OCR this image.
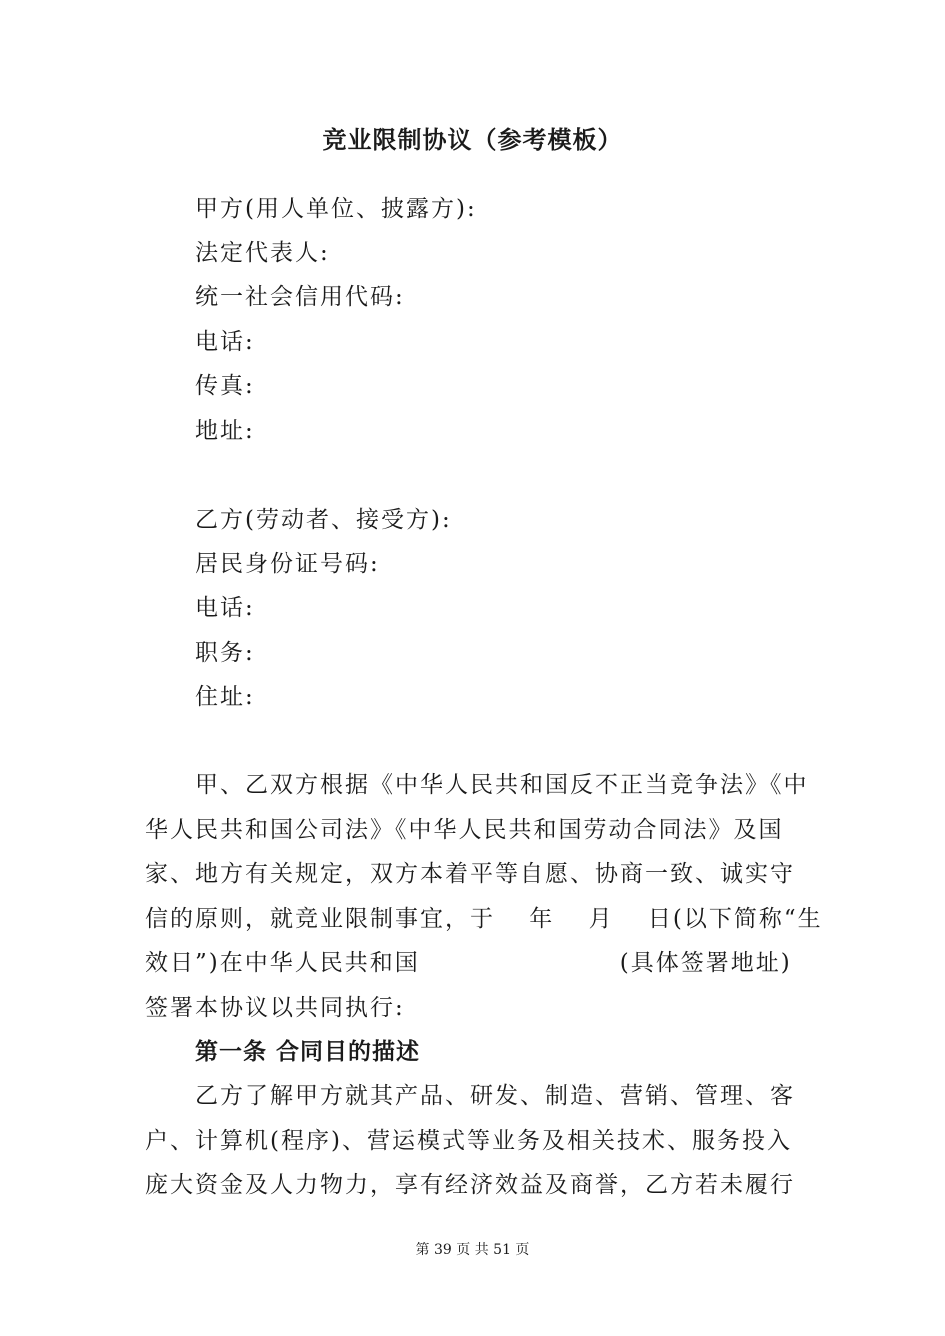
竞业限制协议（参考模板）
甲方(用人单位、披露方):
法定代表人:
统一社会信用代码:
电话:
传真:
地址:
乙方(劳动者、接受方):
居民身份证号码:
电话:
职务:
住址:
　　甲、乙双方根据《中华人民共和国反不正当竞争法》《中
华人民共和国公司法》《中华人民共和国劳动合同法》及国
家、地方有关规定，双方本着平等自愿、协商一致、诚实守
信的原则，就竞业限制事宜，于　 年　 月　 日(以下简称“生
效日”)在中华人民共和国　　　　　　　　(具体签署地址)
签署本协议以共同执行:
第一条 合同目的描述
　　乙方了解甲方就其产品、研发、制造、营销、管理、客
户、计算机(程序)、营运模式等业务及相关技术、服务投入
庞大资金及人力物力，享有经济效益及商誉，乙方若未履行
第 39 页 共 51 页
